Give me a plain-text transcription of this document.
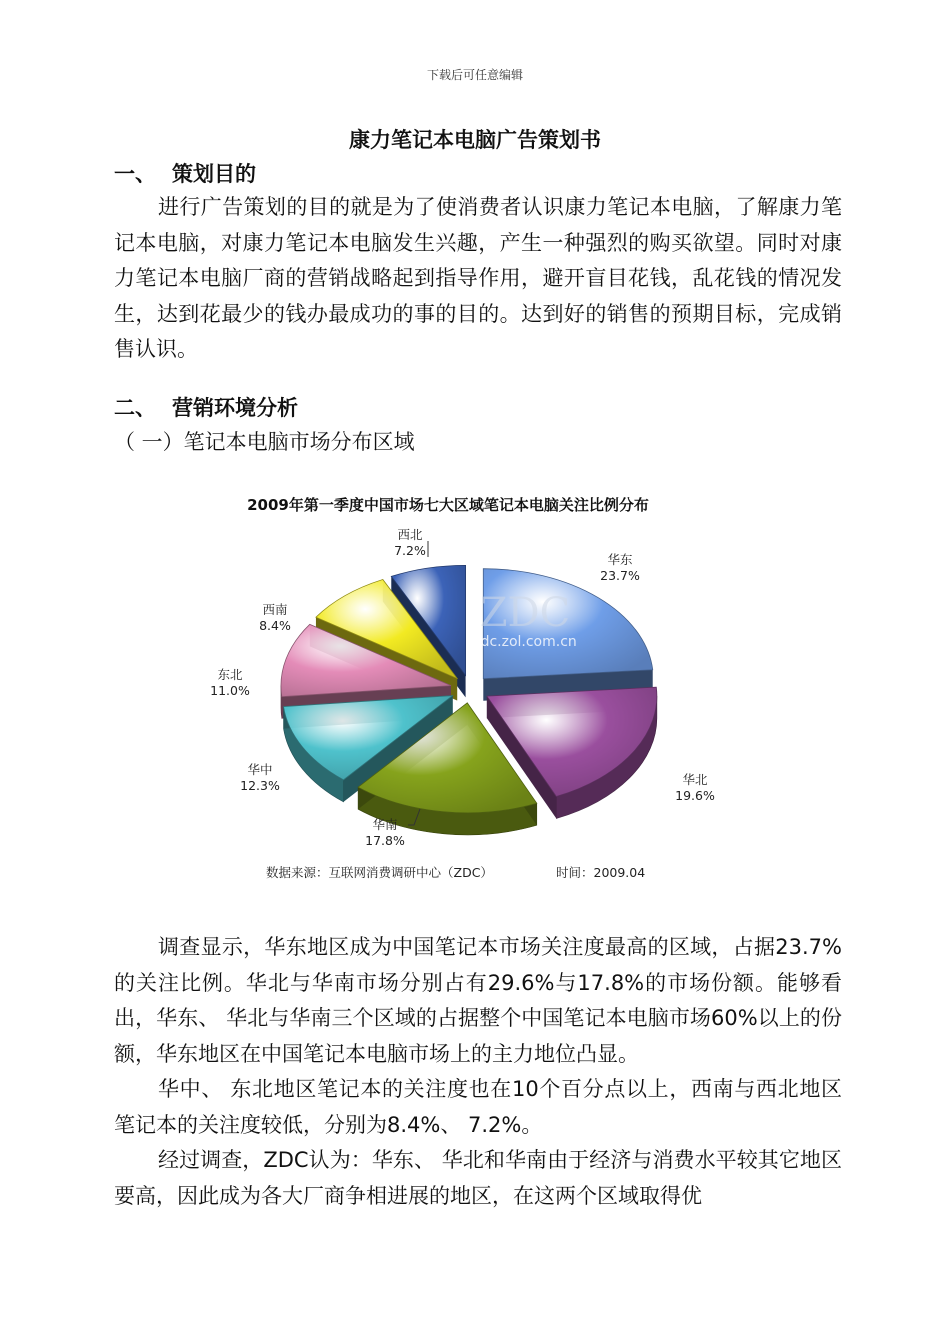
下载后可任意编辑
康力笔记本电脑广告策划书
一、 策划目的

进行广告策划的目的就是为了使消费者认识康力笔记本电脑，了解康力笔记本电脑，对康力笔记本电脑发生兴趣，产生一种强烈的购买欲望。同时对康力笔记本电脑厂商的营销战略起到指导作用，避开盲目花钱，乱花钱的情况发生，达到花最少的钱办最成功的事的目的。达到好的销售的预期目标，完成销售认识。

二、 营销环境分析
（ 一）笔记本电脑市场分布区域
2009年第一季度中国市场七大区域笔记本电脑关注比例分布
ZDC
zdc.zol.com.cn
华东
23.7%
华北
19.6%
华南
17.8%
华中
12.3%
东北
11.0%
西南
8.4%
西北
7.2%
数据来源：互联网消费调研中心（ZDC）	时间：2009.04

调查显示，华东地区成为中国笔记本市场关注度最高的区域，占据23.7%的关注比例。华北与华南市场分别占有29.6%与17.8%的市场份额。能够看出，华东、 华北与华南三个区域的占据整个中国笔记本电脑市场60%以上的份额，华东地区在中国笔记本电脑市场上的主力地位凸显。

华中、 东北地区笔记本的关注度也在10个百分点以上，西南与西北地区笔记本的关注度较低，分别为8.4%、 7.2%。

经过调查，ZDC认为：华东、 华北和华南由于经济与消费水平较其它地区要高，因此成为各大厂商争相进展的地区，在这两个区域取得优
